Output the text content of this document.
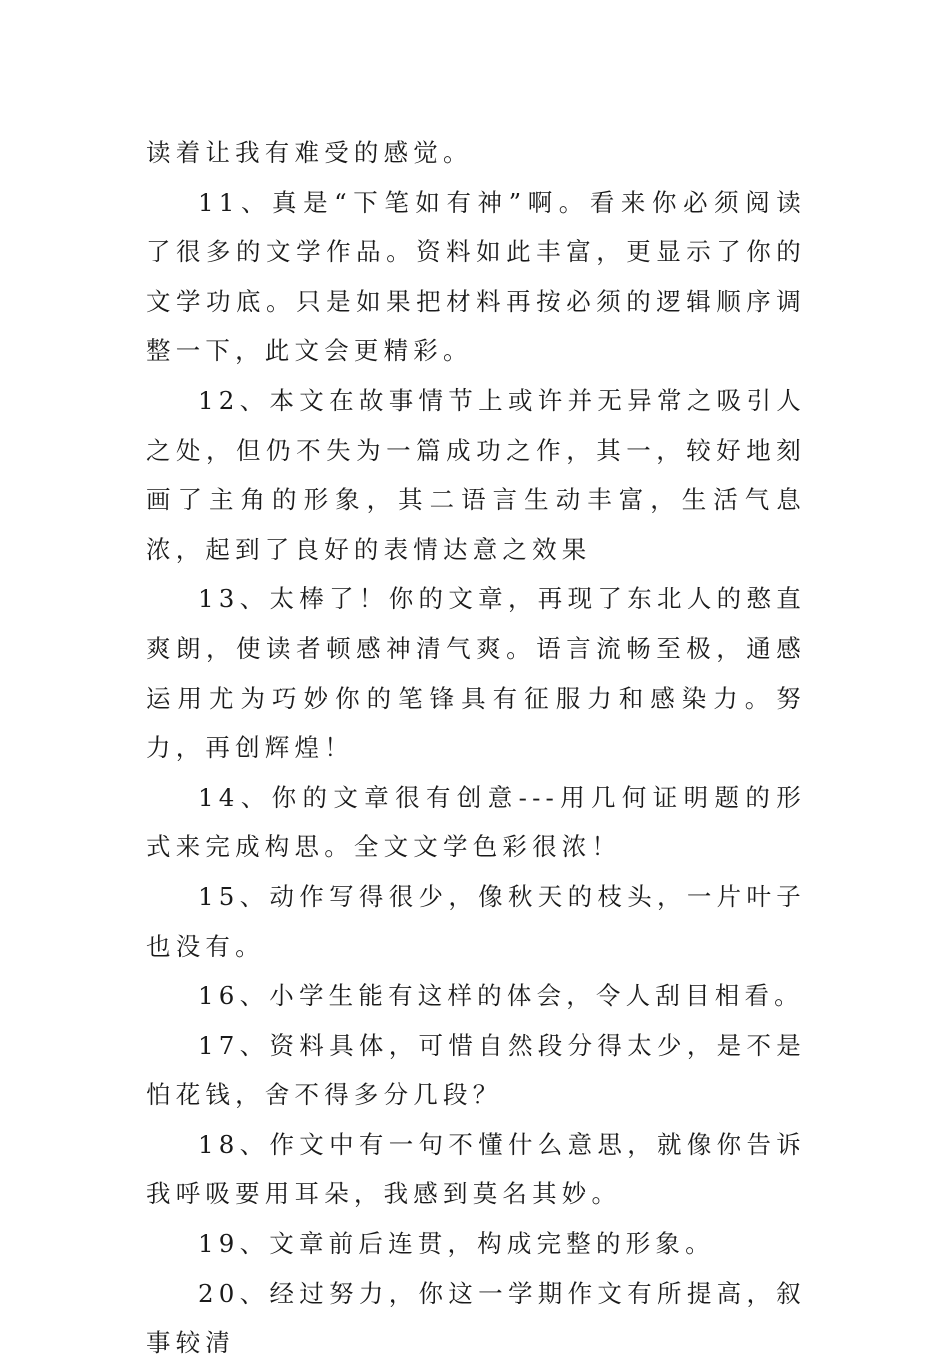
读着让我有难受的感觉。

11、真是“下笔如有神”啊。看来你必须阅读了很多的文学作品。资料如此丰富，更显示了你的文学功底。只是如果把材料再按必须的逻辑顺序调整一下，此文会更精彩。

12、本文在故事情节上或许并无异常之吸引人之处，但仍不失为一篇成功之作，其一，较好地刻画了主角的形象，其二语言生动丰富，生活气息浓，起到了良好的表情达意之效果

13、太棒了！你的文章，再现了东北人的憨直爽朗，使读者顿感神清气爽。语言流畅至极，通感运用尤为巧妙你的笔锋具有征服力和感染力。努力，再创辉煌！

14、你的文章很有创意---用几何证明题的形式来完成构思。全文文学色彩很浓！

15、动作写得很少，像秋天的枝头，一片叶子也没有。

16、小学生能有这样的体会，令人刮目相看。

17、资料具体，可惜自然段分得太少，是不是怕花钱，舍不得多分几段？

18、作文中有一句不懂什么意思，就像你告诉我呼吸要用耳朵，我感到莫名其妙。

19、文章前后连贯，构成完整的形象。

20、经过努力，你这一学期作文有所提高，叙事较清
